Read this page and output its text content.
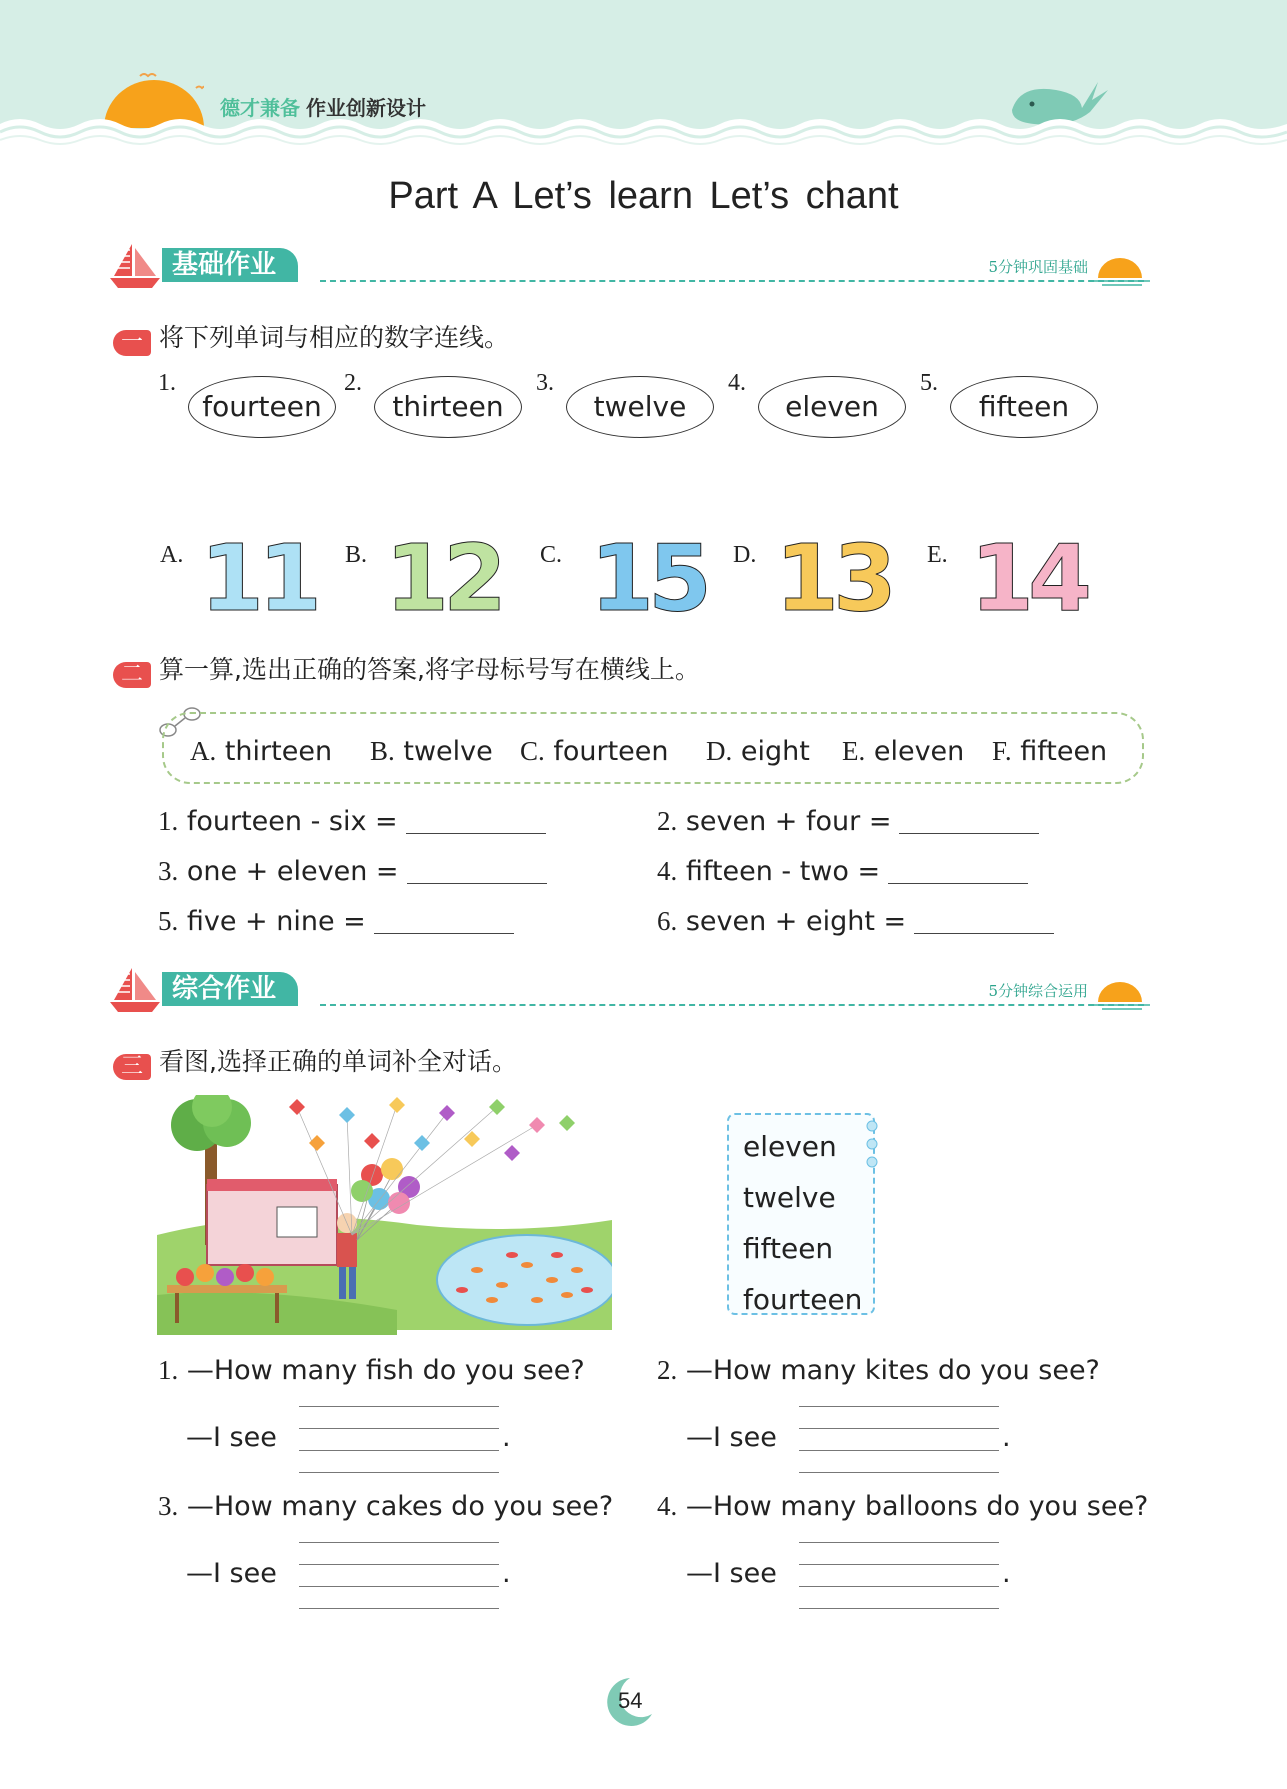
德才兼备 作业创新设计
Part A Let’s learn Let’s chant
基础作业	5分钟巩固基础
一 将下列单词与相应的数字连线。
1.
fourteen
2.
thirteen
3.
twelve
4.
eleven
5.
fifteen
A. 11 B. 12 C. 15 D. 13 E. 14
二 算一算,选出正确的答案,将字母标号写在横线上。
A. thirteen B. twelve C. fourteen D. eight E. eleven F. fifteen
1. fourteen - six =	2. seven + four =
3. one + eleven =	4. fifteen - two =
5. five + nine =	6. seven + eight =
综合作业	5分钟综合运用
三 看图,选择正确的单词补全对话。
eleven
twelve
fifteen
fourteen
1. —How many fish do you see?
—I see	.
2. —How many kites do you see?
—I see	.
3. —How many cakes do you see?
—I see	.
4. —How many balloons do you see?
—I see	.
54
